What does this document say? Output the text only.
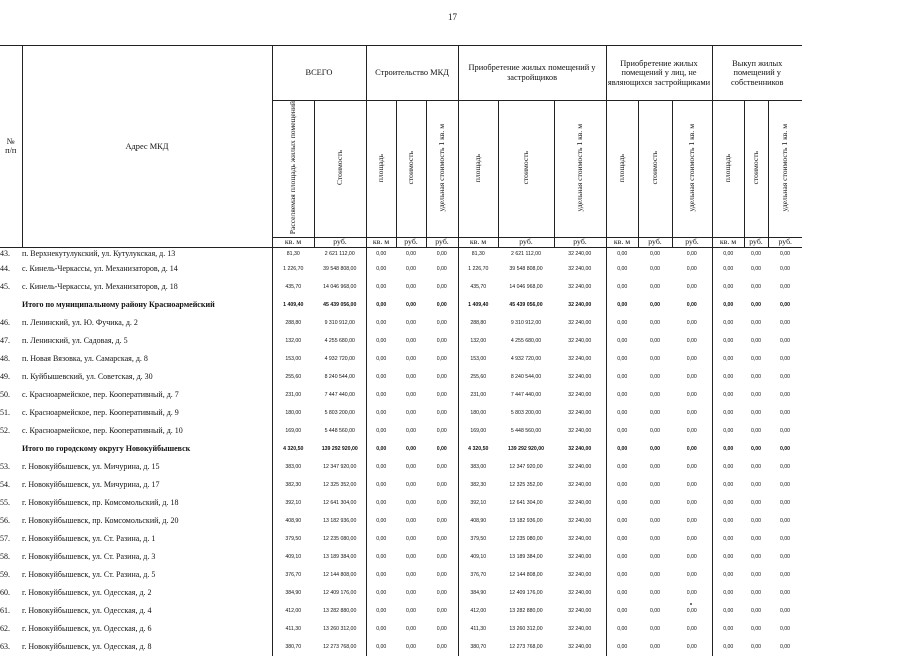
17
№
п/п	Адрес МКД	ВСЕГО		Строительство МКД			Приобретение жилых помещений у застройщиков			Приобретение жилых помещений у лиц, не являющихся застройщиками			Выкуп жилых помещений у собственников		
		Расселяемая площадь жилых помещений	Стоимость	площадь	стоимость	удельная стоимость 1 кв. м	площадь	стоимость	удельная стоимость 1 кв. м	площадь	стоимость	удельная стоимость 1 кв. м	площадь	стоимость	удельная стоимость 1 кв. м
		кв. м	руб.	кв. м	руб.	руб.	кв. м	руб.	руб.	кв. м	руб.	руб.	кв. м	руб.	руб.
43.	п. Верхнекутулукский, ул. Кутулукская, д. 13	81,30	2 621 112,00	0,00	0,00	0,00	81,30	2 621 112,00	32 240,00	0,00	0,00	0,00	0,00	0,00	0,00
44.	с. Кинель-Черкассы, ул. Механизаторов, д. 14	1 226,70	39 548 808,00	0,00	0,00	0,00	1 226,70	39 548 808,00	32 240,00	0,00	0,00	0,00	0,00	0,00	0,00
45.	с. Кинель-Черкассы, ул. Механизаторов, д. 18	435,70	14 046 968,00	0,00	0,00	0,00	435,70	14 046 968,00	32 240,00	0,00	0,00	0,00	0,00	0,00	0,00
	Итого по муниципальному району Красноармейский	1 409,40	45 439 056,00	0,00	0,00	0,00	1 409,40	45 439 056,00	32 240,00	0,00	0,00	0,00	0,00	0,00	0,00
46.	п. Ленинский, ул. Ю. Фучика, д. 2	288,80	9 310 912,00	0,00	0,00	0,00	288,80	9 310 912,00	32 240,00	0,00	0,00	0,00	0,00	0,00	0,00
47.	п. Ленинский, ул. Садовая, д. 5	132,00	4 255 680,00	0,00	0,00	0,00	132,00	4 255 680,00	32 240,00	0,00	0,00	0,00	0,00	0,00	0,00
48.	п. Новая Вязовка, ул. Самарская, д. 8	153,00	4 932 720,00	0,00	0,00	0,00	153,00	4 932 720,00	32 240,00	0,00	0,00	0,00	0,00	0,00	0,00
49.	п. Куйбышевский, ул. Советская, д. 30	255,60	8 240 544,00	0,00	0,00	0,00	255,60	8 240 544,00	32 240,00	0,00	0,00	0,00	0,00	0,00	0,00
50.	с. Красноармейское, пер. Кооперативный, д. 7	231,00	7 447 440,00	0,00	0,00	0,00	231,00	7 447 440,00	32 240,00	0,00	0,00	0,00	0,00	0,00	0,00
51.	с. Красноармейское, пер. Кооперативный, д. 9	180,00	5 803 200,00	0,00	0,00	0,00	180,00	5 803 200,00	32 240,00	0,00	0,00	0,00	0,00	0,00	0,00
52.	с. Красноармейское, пер. Кооперативный, д. 10	169,00	5 448 560,00	0,00	0,00	0,00	169,00	5 448 560,00	32 240,00	0,00	0,00	0,00	0,00	0,00	0,00
	Итого по городскому округу Новокуйбышевск	4 320,50	139 292 920,00	0,00	0,00	0,00	4 320,50	139 292 920,00	32 240,00	0,00	0,00	0,00	0,00	0,00	0,00
53.	г. Новокуйбышевск, ул. Мичурина, д. 15	383,00	12 347 920,00	0,00	0,00	0,00	383,00	12 347 920,00	32 240,00	0,00	0,00	0,00	0,00	0,00	0,00
54.	г. Новокуйбышевск, ул. Мичурина, д. 17	382,30	12 325 352,00	0,00	0,00	0,00	382,30	12 325 352,00	32 240,00	0,00	0,00	0,00	0,00	0,00	0,00
55.	г. Новокуйбышевск, пр. Комсомольский, д. 18	392,10	12 641 304,00	0,00	0,00	0,00	392,10	12 641 304,00	32 240,00	0,00	0,00	0,00	0,00	0,00	0,00
56.	г. Новокуйбышевск, пр. Комсомольский, д. 20	408,90	13 182 936,00	0,00	0,00	0,00	408,90	13 182 936,00	32 240,00	0,00	0,00	0,00	0,00	0,00	0,00
57.	г. Новокуйбышевск, ул. Ст. Разина, д. 1	379,50	12 235 080,00	0,00	0,00	0,00	379,50	12 235 080,00	32 240,00	0,00	0,00	0,00	0,00	0,00	0,00
58.	г. Новокуйбышевск, ул. Ст. Разина, д. 3	409,10	13 189 384,00	0,00	0,00	0,00	409,10	13 189 384,00	32 240,00	0,00	0,00	0,00	0,00	0,00	0,00
59.	г. Новокуйбышевск, ул. Ст. Разина, д. 5	376,70	12 144 808,00	0,00	0,00	0,00	376,70	12 144 808,00	32 240,00	0,00	0,00	0,00	0,00	0,00	0,00
60.	г. Новокуйбышевск, ул. Одесская, д. 2	384,90	12 409 176,00	0,00	0,00	0,00	384,90	12 409 176,00	32 240,00	0,00	0,00	0,00	0,00	0,00	0,00
61.	г. Новокуйбышевск, ул. Одесская, д. 4	412,00	13 282 880,00	0,00	0,00	0,00	412,00	13 282 880,00	32 240,00	0,00	0,00	0,00	0,00	0,00	0,00
62.	г. Новокуйбышевск, ул. Одесская, д. 6	411,30	13 260 312,00	0,00	0,00	0,00	411,30	13 260 312,00	32 240,00	0,00	0,00	0,00	0,00	0,00	0,00
63.	г. Новокуйбышевск, ул. Одесская, д. 8	380,70	12 273 768,00	0,00	0,00	0,00	380,70	12 273 768,00	32 240,00	0,00	0,00	0,00	0,00	0,00	0,00
